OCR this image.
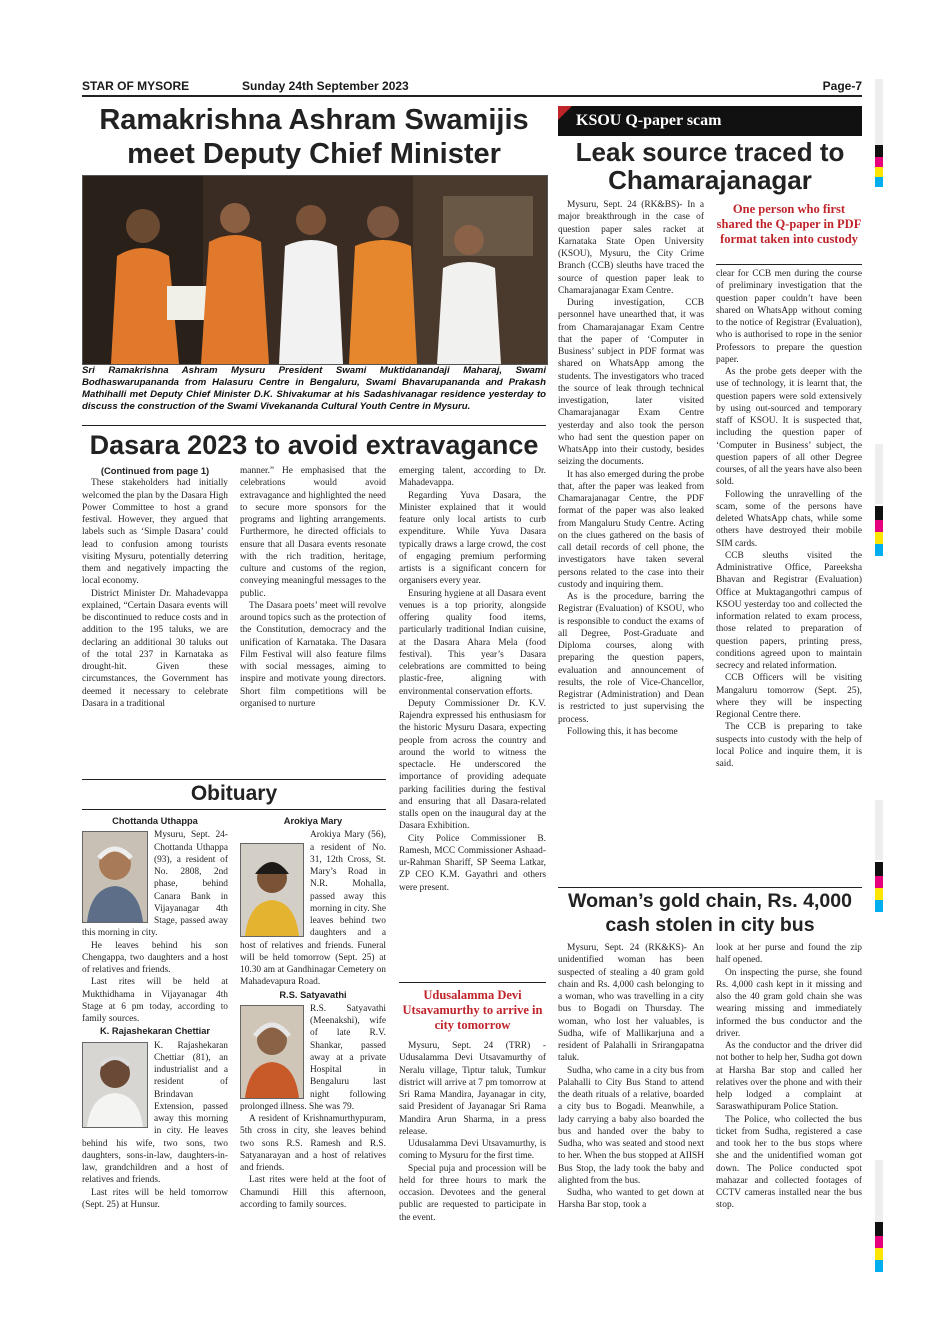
STAR OF MYSORE	Sunday 24th September 2023	Page-7
Ramakrishna Ashram Swamijis meet Deputy Chief Minister
Sri Ramakrishna Ashram Mysuru President Swami Muktidanandaji Maharaj, Swami Bodhaswarupananda from Halasuru Centre in Bengaluru, Swami Bhavarupananda and Prakash Mathihalli met Deputy Chief Minister D.K. Shivakumar at his Sadashivanagar residence yesterday to discuss the construction of the Swami Vivekananda Cultural Youth Centre in Mysuru.
Dasara 2023 to avoid extravagance

(Continued from page 1)

These stakeholders had initially welcomed the plan by the Dasara High Power Committee to host a grand festival. However, they argued that labels such as ‘Simple Dasara’ could lead to confusion among tourists visiting Mysuru, potentially deterring them and negatively impacting the local economy.

District Minister Dr. Mahadevappa explained, “Certain Dasara events will be discontinued to reduce costs and in addition to the 195 taluks, we are declaring an additional 30 taluks out of the total 237 in Karnataka as drought-hit. Given these circumstances, the Government has deemed it necessary to celebrate Dasara in a traditional

manner.” He emphasised that the celebrations would avoid extravagance and highlighted the need to secure more sponsors for the programs and lighting arrangements. Furthermore, he directed officials to ensure that all Dasara events resonate with the rich tradition, heritage, culture and customs of the region, conveying meaningful messages to the public.

The Dasara poets’ meet will revolve around topics such as the protection of the Constitution, democracy and the unification of Karnataka. The Dasara Film Festival will also feature films with social messages, aiming to inspire and motivate young directors. Short film competitions will be organised to nurture

emerging talent, according to Dr. Mahadevappa.

Regarding Yuva Dasara, the Minister explained that it would feature only local artists to curb expenditure. While Yuva Dasara typically draws a large crowd, the cost of engaging premium performing artists is a significant concern for organisers every year.

Ensuring hygiene at all Dasara event venues is a top priority, alongside offering quality food items, particularly traditional Indian cuisine, at the Dasara Ahara Mela (food festival). This year’s Dasara celebrations are committed to being plastic-free, aligning with environmental conservation efforts.

Deputy Commissioner Dr. K.V. Rajendra expressed his enthusiasm for the historic Mysuru Dasara, expecting people from across the country and around the world to witness the spectacle. He underscored the importance of providing adequate parking facilities during the festival and ensuring that all Dasara-related stalls open on the inaugural day at the Dasara Exhibition.

City Police Commissioner B. Ramesh, MCC Commissioner Ashaad-ur-Rahman Shariff, SP Seema Latkar, ZP CEO K.M. Gayathri and others were present.

Obituary
Chottanda Uthappa

Mysuru, Sept. 24- Chottanda Uthappa (93), a resident of No. 2808, 2nd phase, behind Canara Bank in Vijayanagar 4th Stage, passed away this morning in city.

He leaves behind his son Chengappa, two daughters and a host of relatives and friends.

Last rites will be held at Mukthidhama in Vijayanagar 4th Stage at 6 pm today, according to family sources.

K. Rajashekaran Chettiar

K. Rajashekaran Chettiar (81), an industrialist and a resident of Brindavan Extension, passed away this morning in city. He leaves behind his wife, two sons, two daughters, sons-in-law, daughters-in-law, grandchildren and a host of relatives and friends.

Last rites will be held tomorrow (Sept. 25) at Hunsur.

Arokiya Mary

Arokiya Mary (56), a resident of No. 31, 12th Cross, St. Mary’s Road in N.R. Mohalla, passed away this morning in city. She leaves behind two daughters and a host of relatives and friends. Funeral will be held tomorrow (Sept. 25) at 10.30 am at Gandhinagar Cemetery on Mahadevapura Road.

R.S. Satyavathi

R.S. Satyavathi (Meenakshi), wife of late R.V. Shankar, passed away at a private Hospital in Bengaluru last night following prolonged illness. She was 79.

A resident of Krishnamurthypuram, 5th cross in city, she leaves behind two sons R.S. Ramesh and R.S. Satyanarayan and a host of relatives and friends.

Last rites were held at the foot of Chamundi Hill this afternoon, according to family sources.

Udusalamma Devi Utsavamurthy to arrive in city tomorrow

Mysuru, Sept. 24 (TRR) - Udusalamma Devi Utsavamurthy of Neralu village, Tiptur taluk, Tumkur district will arrive at 7 pm tomorrow at Sri Rama Mandira, Jayanagar in city, said President of Jayanagar Sri Rama Mandira Arun Sharma, in a press release.

Udusalamma Devi Utsavamurthy, is coming to Mysuru for the first time.

Special puja and procession will be held for three hours to mark the occasion. Devotees and the general public are requested to participate in the event.

KSOU Q-paper scam
Leak source traced to Chamarajanagar

Mysuru, Sept. 24 (RK&BS)- In a major breakthrough in the case of question paper sales racket at Karnataka State Open University (KSOU), Mysuru, the City Crime Branch (CCB) sleuths have traced the source of question paper leak to Chamarajanagar Exam Centre.

During investigation, CCB personnel have unearthed that, it was from Chamarajanagar Exam Centre that the paper of ‘Computer in Business’ subject in PDF format was shared on WhatsApp among the students. The investigators who traced the source of leak through technical investigation, later visited Chamarajanagar Exam Centre yesterday and also took the person who had sent the question paper on WhatsApp into their custody, besides seizing the documents.

It has also emerged during the probe that, after the paper was leaked from Chamarajanagar Centre, the PDF format of the paper was also leaked from Mangaluru Study Centre. Acting on the clues gathered on the basis of call detail records of cell phone, the investigators have taken several persons related to the case into their custody and inquiring them.

As is the procedure, barring the Registrar (Evaluation) of KSOU, who is responsible to conduct the exams of all Degree, Post-Graduate and Diploma courses, along with preparing the question papers, evaluation and announcement of results, the role of Vice-Chancellor, Registrar (Administration) and Dean is restricted to just supervising the process.

Following this, it has become

One person who first shared the Q-paper in PDF format taken into custody

clear for CCB men during the course of preliminary investigation that the question paper couldn’t have been shared on WhatsApp without coming to the notice of Registrar (Evaluation), who is authorised to rope in the senior Professors to prepare the question paper.

As the probe gets deeper with the use of technology, it is learnt that, the question papers were sold extensively by using out-sourced and temporary staff of KSOU. It is suspected that, including the question paper of ‘Computer in Business’ subject, the question papers of all other Degree courses, of all the years have also been sold.

Following the unravelling of the scam, some of the persons have deleted WhatsApp chats, while some others have destroyed their mobile SIM cards.

CCB sleuths visited the Administrative Office, Pareeksha Bhavan and Registrar (Evaluation) Office at Muktagangothri campus of KSOU yesterday too and collected the information related to exam process, those related to preparation of question papers, printing press, conditions agreed upon to maintain secrecy and related information.

CCB Officers will be visiting Mangaluru tomorrow (Sept. 25), where they will be inspecting Regional Centre there.

The CCB is preparing to take suspects into custody with the help of local Police and inquire them, it is said.

Woman’s gold chain, Rs. 4,000 cash stolen in city bus

Mysuru, Sept. 24 (RK&KS)- An unidentified woman has been suspected of stealing a 40 gram gold chain and Rs. 4,000 cash belonging to a woman, who was travelling in a city bus to Bogadi on Thursday. The woman, who lost her valuables, is Sudha, wife of Mallikarjuna and a resident of Palahalli in Srirangapatna taluk.

Sudha, who came in a city bus from Palahalli to City Bus Stand to attend the death rituals of a relative, boarded a city bus to Bogadi. Meanwhile, a lady carrying a baby also boarded the bus and handed over the baby to Sudha, who was seated and stood next to her. When the bus stopped at AIISH Bus Stop, the lady took the baby and alighted from the bus.

Sudha, who wanted to get down at Harsha Bar stop, took a

look at her purse and found the zip half opened.

On inspecting the purse, she found Rs. 4,000 cash kept in it missing and also the 40 gram gold chain she was wearing missing and immediately informed the bus conductor and the driver.

As the conductor and the driver did not bother to help her, Sudha got down at Harsha Bar stop and called her relatives over the phone and with their help lodged a complaint at Saraswathipuram Police Station.

The Police, who collected the bus ticket from Sudha, registered a case and took her to the bus stops where she and the unidentified woman got down. The Police conducted spot mahazar and collected footages of CCTV cameras installed near the bus stop.
